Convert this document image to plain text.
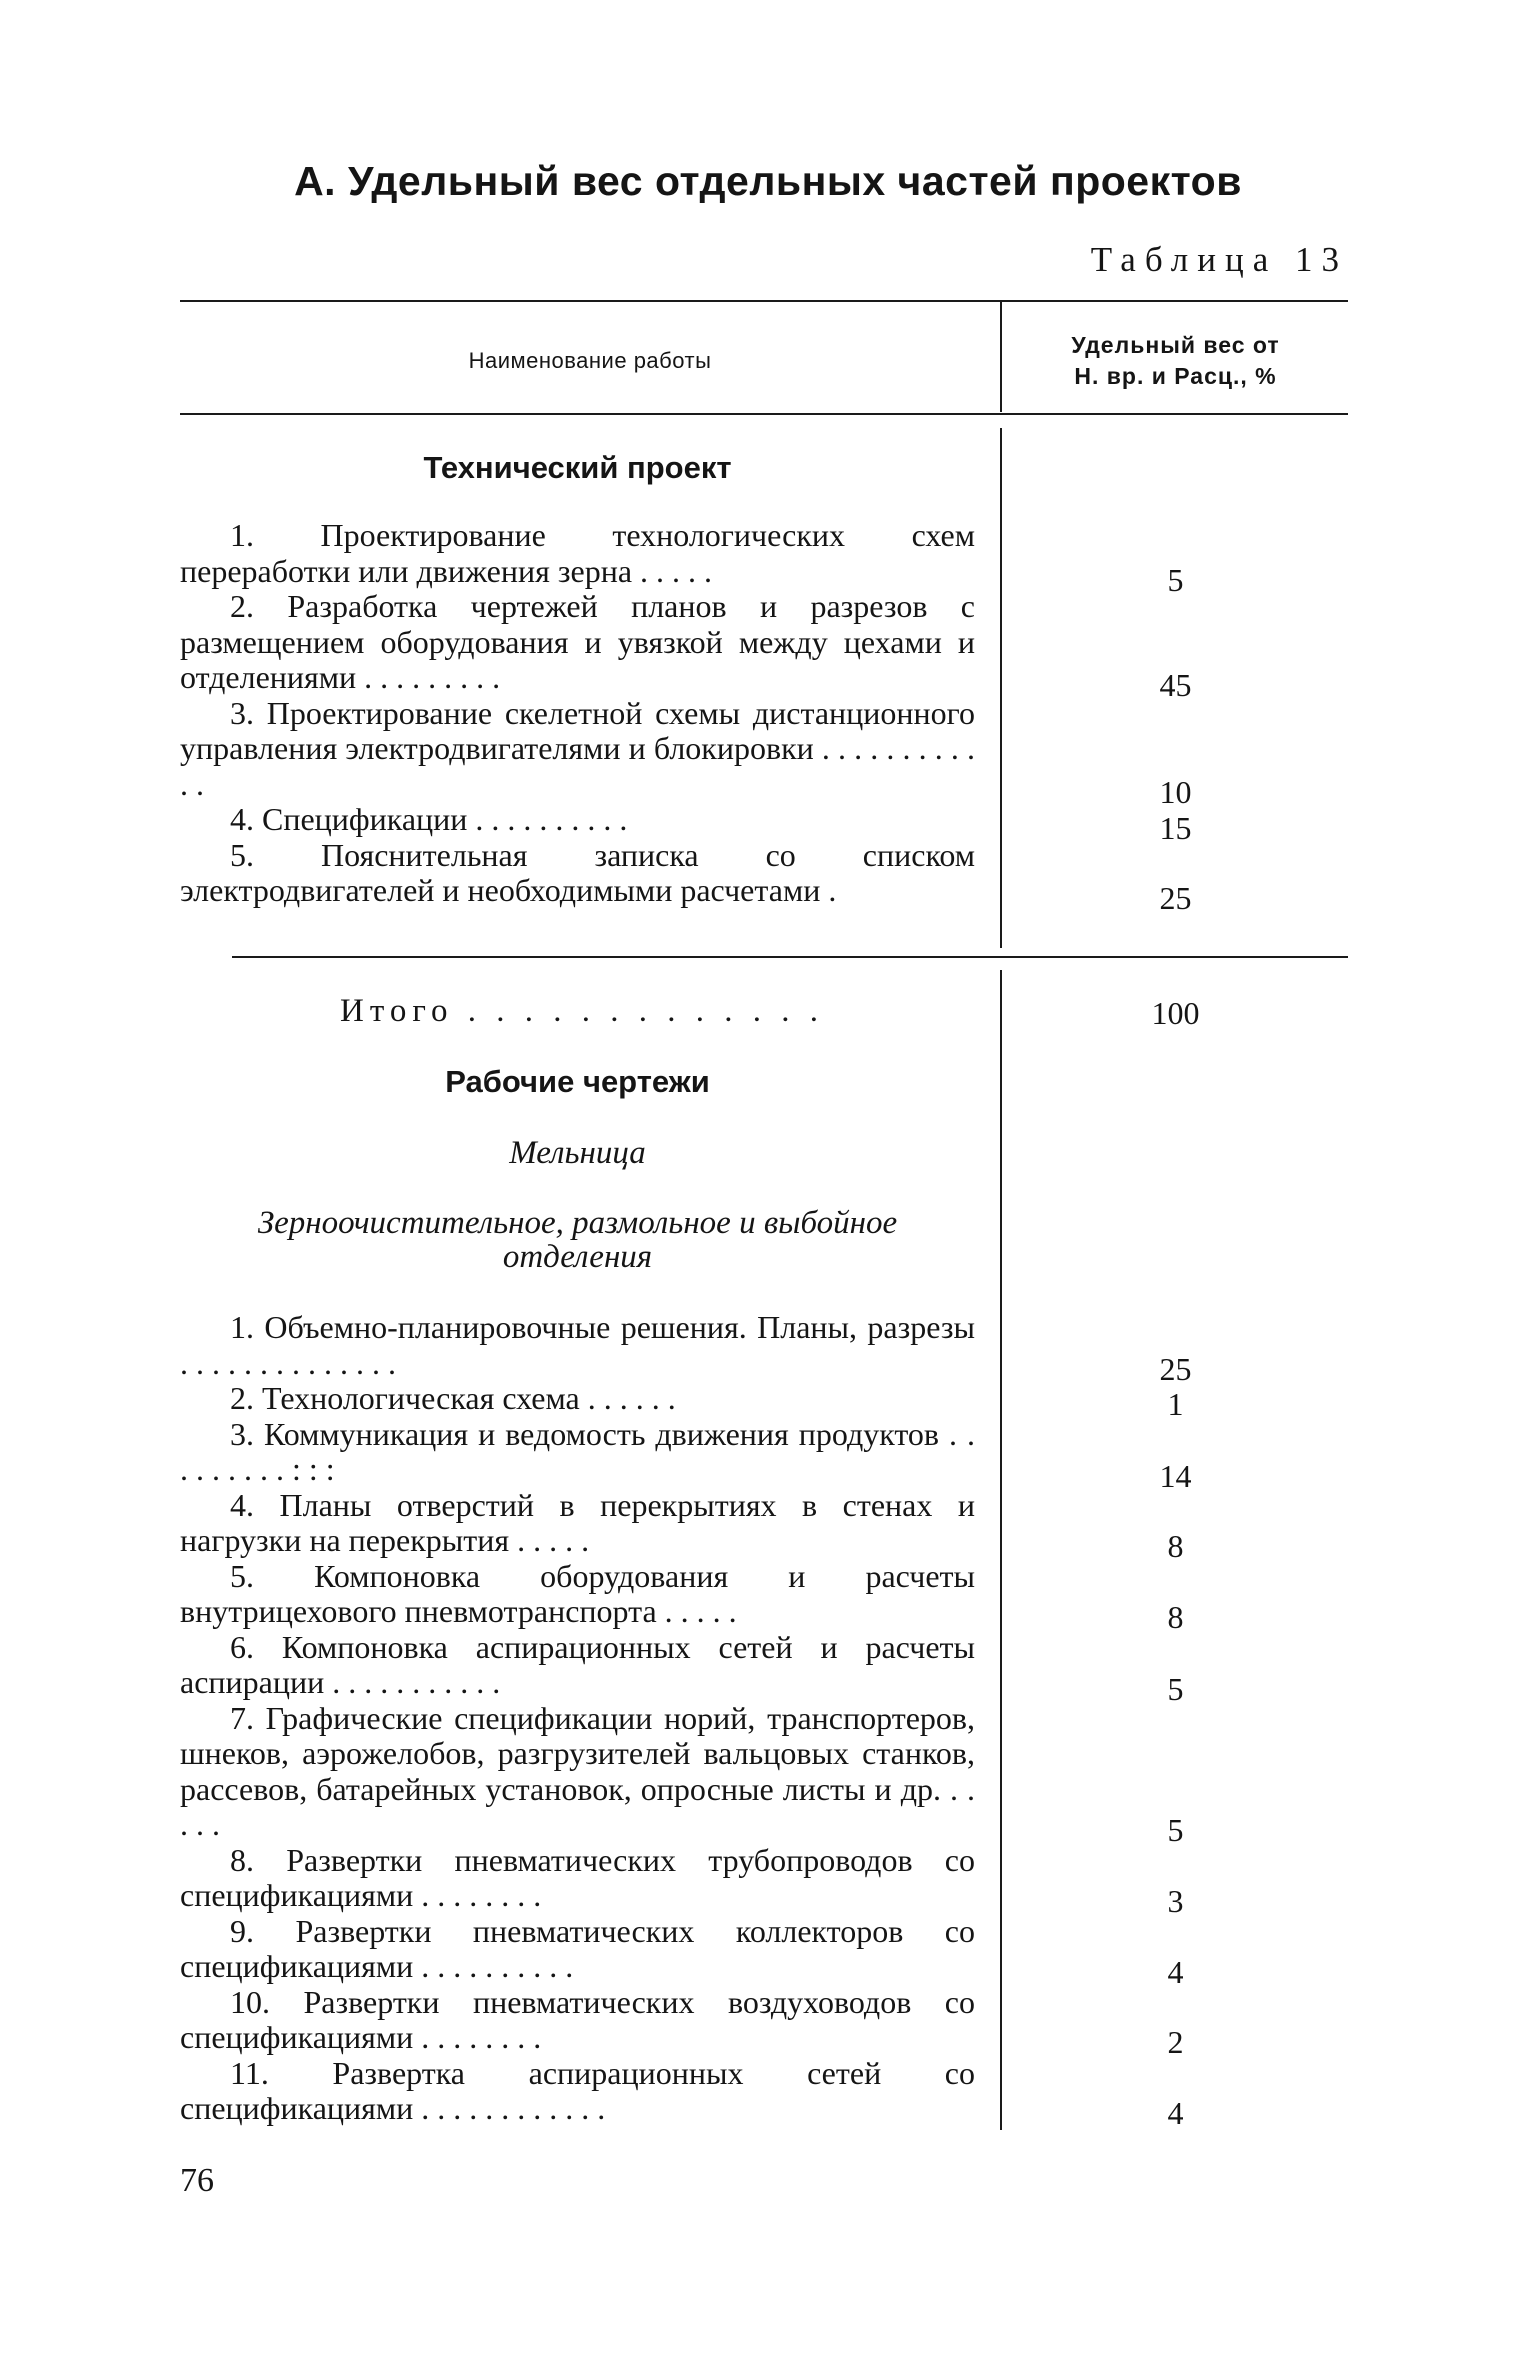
А. Удельный вес отдельных частей проектов
Таблица 13
Наименование работы
Удельный вес от
Н. вр. и Расц., %
Технический проект

1. Проектирование технологических схем переработки или движения зерна . . . . .

2. Разработка чертежей планов и разрезов с размещением оборудования и увязкой между цехами и отделениями . . . . . . . . .

3. Проектирование скелетной схемы дистанционного управления электродвигателями и блокировки . . . . . . . . . . . .

4. Спецификации . . . . . . . . . .

5. Пояснительная записка со списком электродвигателей и необходимыми расчетами .

5
45
10
15
25
Итого . . . . . . . . . . . . .	100
Рабочие чертежи
Мельница
Зерноочистительное, размольное и выбойное отделения

1. Объемно-планировочные решения. Планы, разрезы . . . . . . . . . . . . . .

2. Технологическая схема . . . . . .

3. Коммуникация и ведомость движения продуктов . . . . . . . . . : : :

4. Планы отверстий в перекрытиях в стенах и нагрузки на перекрытия . . . . .

5. Компоновка оборудования и расчеты внутрицехового пневмотранспорта . . . . .

6. Компоновка аспирационных сетей и расчеты аспирации . . . . . . . . . . .

7. Графические спецификации норий, транспортеров, шнеков, аэрожелобов, разгрузителей вальцовых станков, рассевов, батарейных установок, опросные листы и др. . . . . .

8. Развертки пневматических трубопроводов со спецификациями . . . . . . . .

9. Развертки пневматических коллекторов со спецификациями . . . . . . . . . .

10. Развертки пневматических воздуховодов со спецификациями . . . . . . . .

11. Развертка аспирационных сетей со спецификациями . . . . . . . . . . . .

25
1
14
8
8
5
5
3
4
2
4
76
